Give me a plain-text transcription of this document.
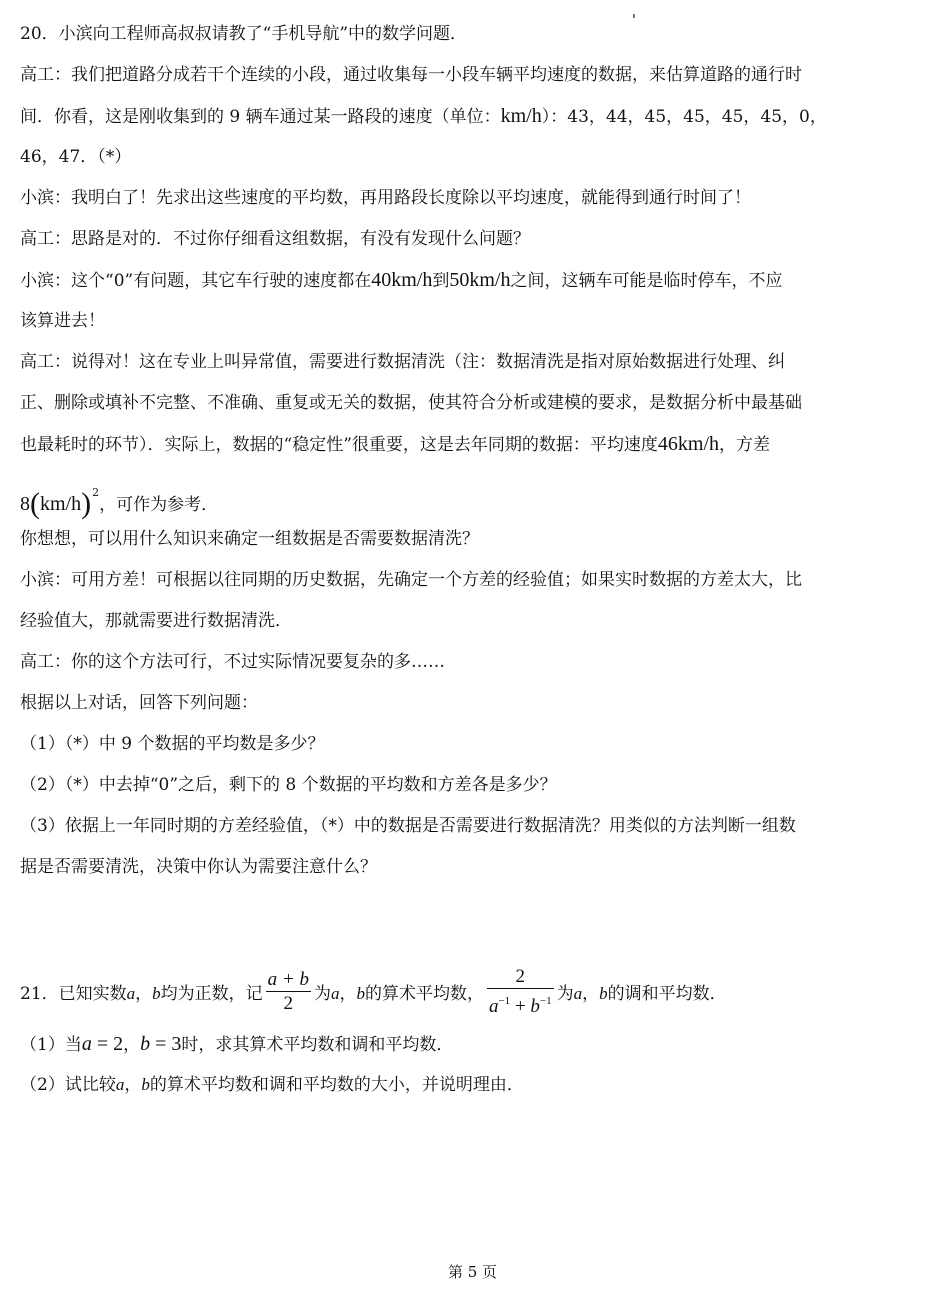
20．小滨向工程师高叔叔请教了“手机导航”中的数学问题．
高工：我们把道路分成若干个连续的小段，通过收集每一小段车辆平均速度的数据，来估算道路的通行时
间．你看，这是刚收集到的 9 辆车通过某一路段的速度（单位：km/h）：43，44，45，45，45，45，0，
46，47．（*）
小滨：我明白了！先求出这些速度的平均数，再用路段长度除以平均速度，就能得到通行时间了！
高工：思路是对的．不过你仔细看这组数据，有没有发现什么问题？
小滨：这个“0”有问题，其它车行驶的速度都在40km/h到50km/h之间，这辆车可能是临时停车，不应
该算进去！
高工：说得对！这在专业上叫异常值，需要进行数据清洗（注：数据清洗是指对原始数据进行处理、纠
正、删除或填补不完整、不准确、重复或无关的数据，使其符合分析或建模的要求，是数据分析中最基础
也最耗时的环节）．实际上，数据的“稳定性”很重要，这是去年同期的数据：平均速度46km/h，方差
$8(km/h)^2$，可作为参考．
你想想，可以用什么知识来确定一组数据是否需要数据清洗？
小滨：可用方差！可根据以往同期的历史数据，先确定一个方差的经验值；如果实时数据的方差太大，比
经验值大，那就需要进行数据清洗．
高工：你的这个方法可行，不过实际情况要复杂的多……
根据以上对话，回答下列问题：
（1）（*）中 9 个数据的平均数是多少？
（2）（*）中去掉“0”之后，剩下的 8 个数据的平均数和方差各是多少？
（3）依据上一年同时期的方差经验值，（*）中的数据是否需要进行数据清洗？用类似的方法判断一组数
据是否需要清洗，决策中你认为需要注意什么？
21．已知实数a，b均为正数，记 $\frac{a + b}{2}$ 为a，b的算术平均数， $\frac{2}{a^{-1} + b^{-1}}$ 为a，b的调和平均数．
（1）当a = 2，b = 3时，求其算术平均数和调和平均数．
（2）试比较a，b的算术平均数和调和平均数的大小，并说明理由．
第 5 页
